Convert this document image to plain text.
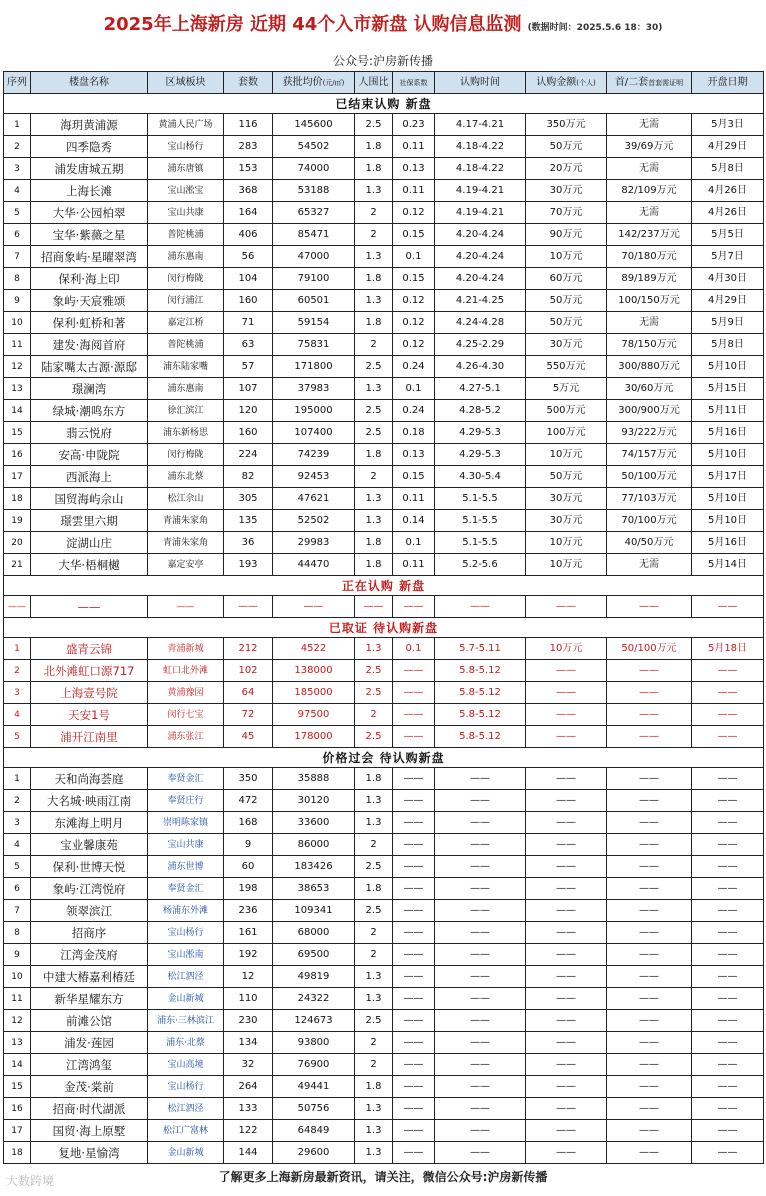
2025年上海新房 近期 44个入市新盘 认购信息监测 (数据时间：2025.5.6 18：30)
公众号:沪房新传播
序列	楼盘名称	区域板块	套数	获批均价(元/㎡)	人围比	社保系数	认购时间	认购金额(个人)	首/二套首套需证明	开盘日期
已结束认购 新盘										
1	海玥黄浦源	黄浦人民广场	116	145600	2.5	0.23	4.17-4.21	350万元	无需	5月3日
2	四季隐秀	宝山杨行	283	54502	1.8	0.11	4.18-4.22	50万元	39/69万元	4月29日
3	浦发唐城五期	浦东唐镇	153	74000	1.8	0.13	4.18-4.22	20万元	无需	5月8日
4	上海长滩	宝山淞宝	368	53188	1.3	0.11	4.19-4.21	30万元	82/109万元	4月26日
5	大华·公园柏翠	宝山共康	164	65327	2	0.12	4.19-4.21	70万元	无需	4月26日
6	宝华·紫薇之星	普陀桃浦	406	85471	2	0.15	4.20-4.24	90万元	142/237万元	5月5日
7	招商象屿·星曜翠湾	浦东惠南	56	47000	1.3	0.1	4.20-4.24	10万元	70/180万元	5月7日
8	保利·海上印	闵行梅陇	104	79100	1.8	0.15	4.20-4.24	60万元	89/189万元	4月30日
9	象屿·天宸雅颂	闵行浦江	160	60501	1.3	0.12	4.21-4.25	50万元	100/150万元	4月29日
10	保利·虹桥和著	嘉定江桥	71	59154	1.8	0.12	4.24-4.28	50万元	无需	5月9日
11	建发·海阅首府	普陀桃浦	63	75831	2	0.12	4.25-2.29	30万元	78/150万元	5月8日
12	陆家嘴太古源·源邸	浦东陆家嘴	57	171800	2.5	0.24	4.26-4.30	550万元	300/880万元	5月10日
13	璟澜湾	浦东惠南	107	37983	1.3	0.1	4.27-5.1	5万元	30/60万元	5月15日
14	绿城·潮鸣东方	徐汇滨江	120	195000	2.5	0.24	4.28-5.2	500万元	300/900万元	5月11日
15	翡云悦府	浦东新杨思	160	107400	2.5	0.18	4.29-5.3	100万元	93/222万元	5月16日
16	安高·申陇院	闵行梅陇	224	74239	1.8	0.13	4.29-5.3	10万元	74/157万元	5月10日
17	西派海上	浦东北蔡	82	92453	2	0.15	4.30-5.4	50万元	50/100万元	5月17日
18	国贸海屿佘山	松江佘山	305	47621	1.3	0.11	5.1-5.5	30万元	77/103万元	5月10日
19	璟雲里六期	青浦朱家角	135	52502	1.3	0.14	5.1-5.5	30万元	70/100万元	5月10日
20	淀湖山庄	青浦朱家角	36	29983	1.8	0.1	5.1-5.5	10万元	40/50万元	5月16日
21	大华·梧桐樾	嘉定安亭	193	44470	1.8	0.11	5.2-5.6	10万元	无需	5月14日
正在认购 新盘										
——	——	——	——	——	——	——	——	——	——	——
已取证 待认购新盘										
1	盛青云锦	青浦新城	212	4522	1.3	0.1	5.7-5.11	10万元	50/100万元	5月18日
2	北外滩虹口源717	虹口北外滩	102	138000	2.5	——	5.8-5.12	——	——	——
3	上海壹号院	黄浦豫园	64	185000	2.5	——	5.8-5.12	——	——	——
4	天安1号	闵行七宝	72	97500	2	——	5.8-5.12	——	——	——
5	浦开江南里	浦东张江	45	178000	2.5	——	5.8-5.12	——	——	——
价格过会 待认购新盘										
1	天和尚海荟庭	奉贤金汇	350	35888	1.8	——	——	——	——	——
2	大名城·映雨江南	奉贤庄行	472	30120	1.3	——	——	——	——	——
3	东滩海上明月	崇明陈家镇	168	33600	1.3	——	——	——	——	——
4	宝业馨康苑	宝山共康	9	86000	2	——	——	——	——	——
5	保利·世博天悦	浦东世博	60	183426	2.5	——	——	——	——	——
6	象屿·江湾悦府	奉贤金汇	198	38653	1.8	——	——	——	——	——
7	领翠滨江	杨浦东外滩	236	109341	2.5	——	——	——	——	——
8	招商序	宝山杨行	161	68000	2	——	——	——	——	——
9	江湾金茂府	宝山淞南	192	69500	2	——	——	——	——	——
10	中建大椿嘉利椿廷	松江泗泾	12	49819	1.3	——	——	——	——	——
11	新华星耀东方	金山新城	110	24322	1.3	——	——	——	——	——
12	前滩公馆	浦东·三林滨江	230	124673	2.5	——	——	——	——	——
13	浦发·莲园	浦东·北蔡	134	93800	2	——	——	——	——	——
14	江湾鸿玺	宝山高境	32	76900	2	——	——	——	——	——
15	金茂·棠前	宝山杨行	264	49441	1.8	——	——	——	——	——
16	招商·时代湖派	松江泗泾	133	50756	1.3	——	——	——	——	——
17	国贸·海上原墅	松江广富林	122	64849	1.3	——	——	——	——	——
18	复地·星愉湾	金山新城	144	29600	1.3	——	——	——	——	——
了解更多上海新房最新资讯，请关注，微信公众号:沪房新传播
大数跨境
